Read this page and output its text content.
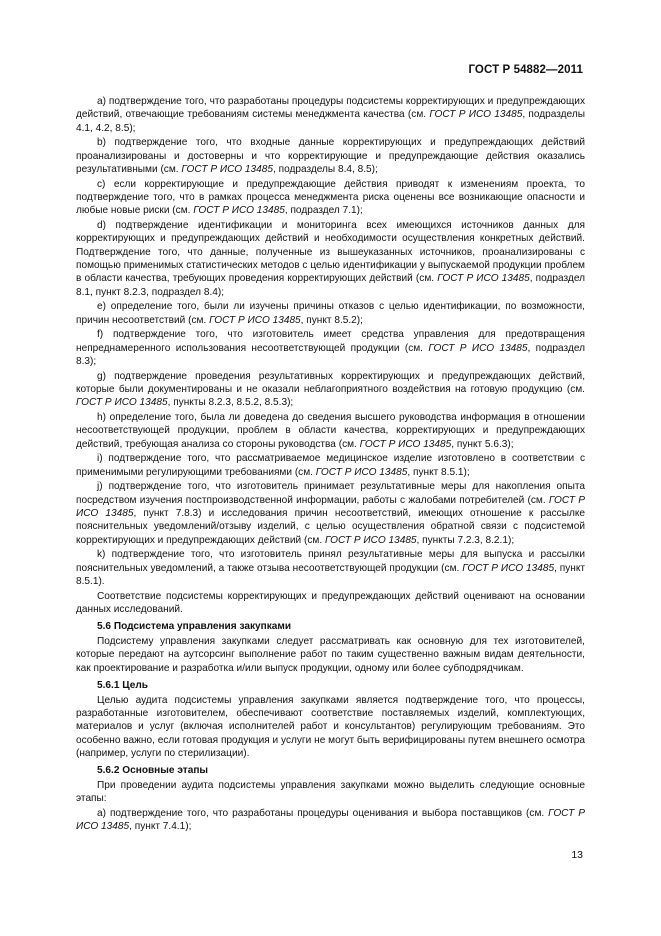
ГОСТ Р 54882—2011

а) подтверждение того, что разработаны процедуры подсистемы корректирующих и предупреждающих действий, отвечающие требованиям системы менеджмента качества (см. ГОСТ Р ИСО 13485, подразделы 4.1, 4.2, 8.5);

b) подтверждение того, что входные данные корректирующих и предупреждающих действий проанализированы и достоверны и что корректирующие и предупреждающие действия оказались результативными (см. ГОСТ Р ИСО 13485, подразделы 8.4, 8.5);

c) если корректирующие и предупреждающие действия приводят к изменениям проекта, то подтверждение того, что в рамках процесса менеджмента риска оценены все возникающие опасности и любые новые риски (см. ГОСТ Р ИСО 13485, подраздел 7.1);

d) подтверждение идентификации и мониторинга всех имеющихся источников данных для корректирующих и предупреждающих действий и необходимости осуществления конкретных действий. Подтверждение того, что данные, полученные из вышеуказанных источников, проанализированы с помощью применимых статистических методов с целью идентификации у выпускаемой продукции проблем в области качества, требующих проведения корректирующих действий (см. ГОСТ Р ИСО 13485, подраздел 8.1, пункт 8.2.3, подраздел 8.4);

e) определение того, были ли изучены причины отказов с целью идентификации, по возможности, причин несоответствий (см. ГОСТ Р ИСО 13485, пункт 8.5.2);

f) подтверждение того, что изготовитель имеет средства управления для предотвращения непреднамеренного использования несоответствующей продукции (см. ГОСТ Р ИСО 13485, подраздел 8.3);

g) подтверждение проведения результативных корректирующих и предупреждающих действий, которые были документированы и не оказали неблагоприятного воздействия на готовую продукцию (см. ГОСТ Р ИСО 13485, пункты 8.2.3, 8.5.2, 8.5.3);

h) определение того, была ли доведена до сведения высшего руководства информация в отношении несоответствующей продукции, проблем в области качества, корректирующих и предупреждающих действий, требующая анализа со стороны руководства (см. ГОСТ Р ИСО 13485, пункт 5.6.3);

i) подтверждение того, что рассматриваемое медицинское изделие изготовлено в соответствии с применимыми регулирующими требованиями (см. ГОСТ Р ИСО 13485, пункт 8.5.1);

j) подтверждение того, что изготовитель принимает результативные меры для накопления опыта посредством изучения постпроизводственной информации, работы с жалобами потребителей (см. ГОСТ Р ИСО 13485, пункт 7.8.3) и исследования причин несоответствий, имеющих отношение к рассылке пояснительных уведомлений/отзыву изделий, с целью осуществления обратной связи с подсистемой корректирующих и предупреждающих действий (см. ГОСТ Р ИСО 13485, пункты 7.2.3, 8.2.1);

k) подтверждение того, что изготовитель принял результативные меры для выпуска и рассылки пояснительных уведомлений, а также отзыва несоответствующей продукции (см. ГОСТ Р ИСО 13485, пункт 8.5.1).

Соответствие подсистемы корректирующих и предупреждающих действий оценивают на основании данных исследований.

5.6 Подсистема управления закупками

Подсистему управления закупками следует рассматривать как основную для тех изготовителей, которые передают на аутсорсинг выполнение работ по таким существенно важным видам деятельности, как проектирование и разработка и/или выпуск продукции, одному или более субподрядчикам.

5.6.1 Цель

Целью аудита подсистемы управления закупками является подтверждение того, что процессы, разработанные изготовителем, обеспечивают соответствие поставляемых изделий, комплектующих, материалов и услуг (включая исполнителей работ и консультантов) регулирующим требованиям. Это особенно важно, если готовая продукция и услуги не могут быть верифицированы путем внешнего осмотра (например, услуги по стерилизации).

5.6.2 Основные этапы

При проведении аудита подсистемы управления закупками можно выделить следующие основные этапы:

а) подтверждение того, что разработаны процедуры оценивания и выбора поставщиков (см. ГОСТ Р ИСО 13485, пункт 7.4.1);

13
